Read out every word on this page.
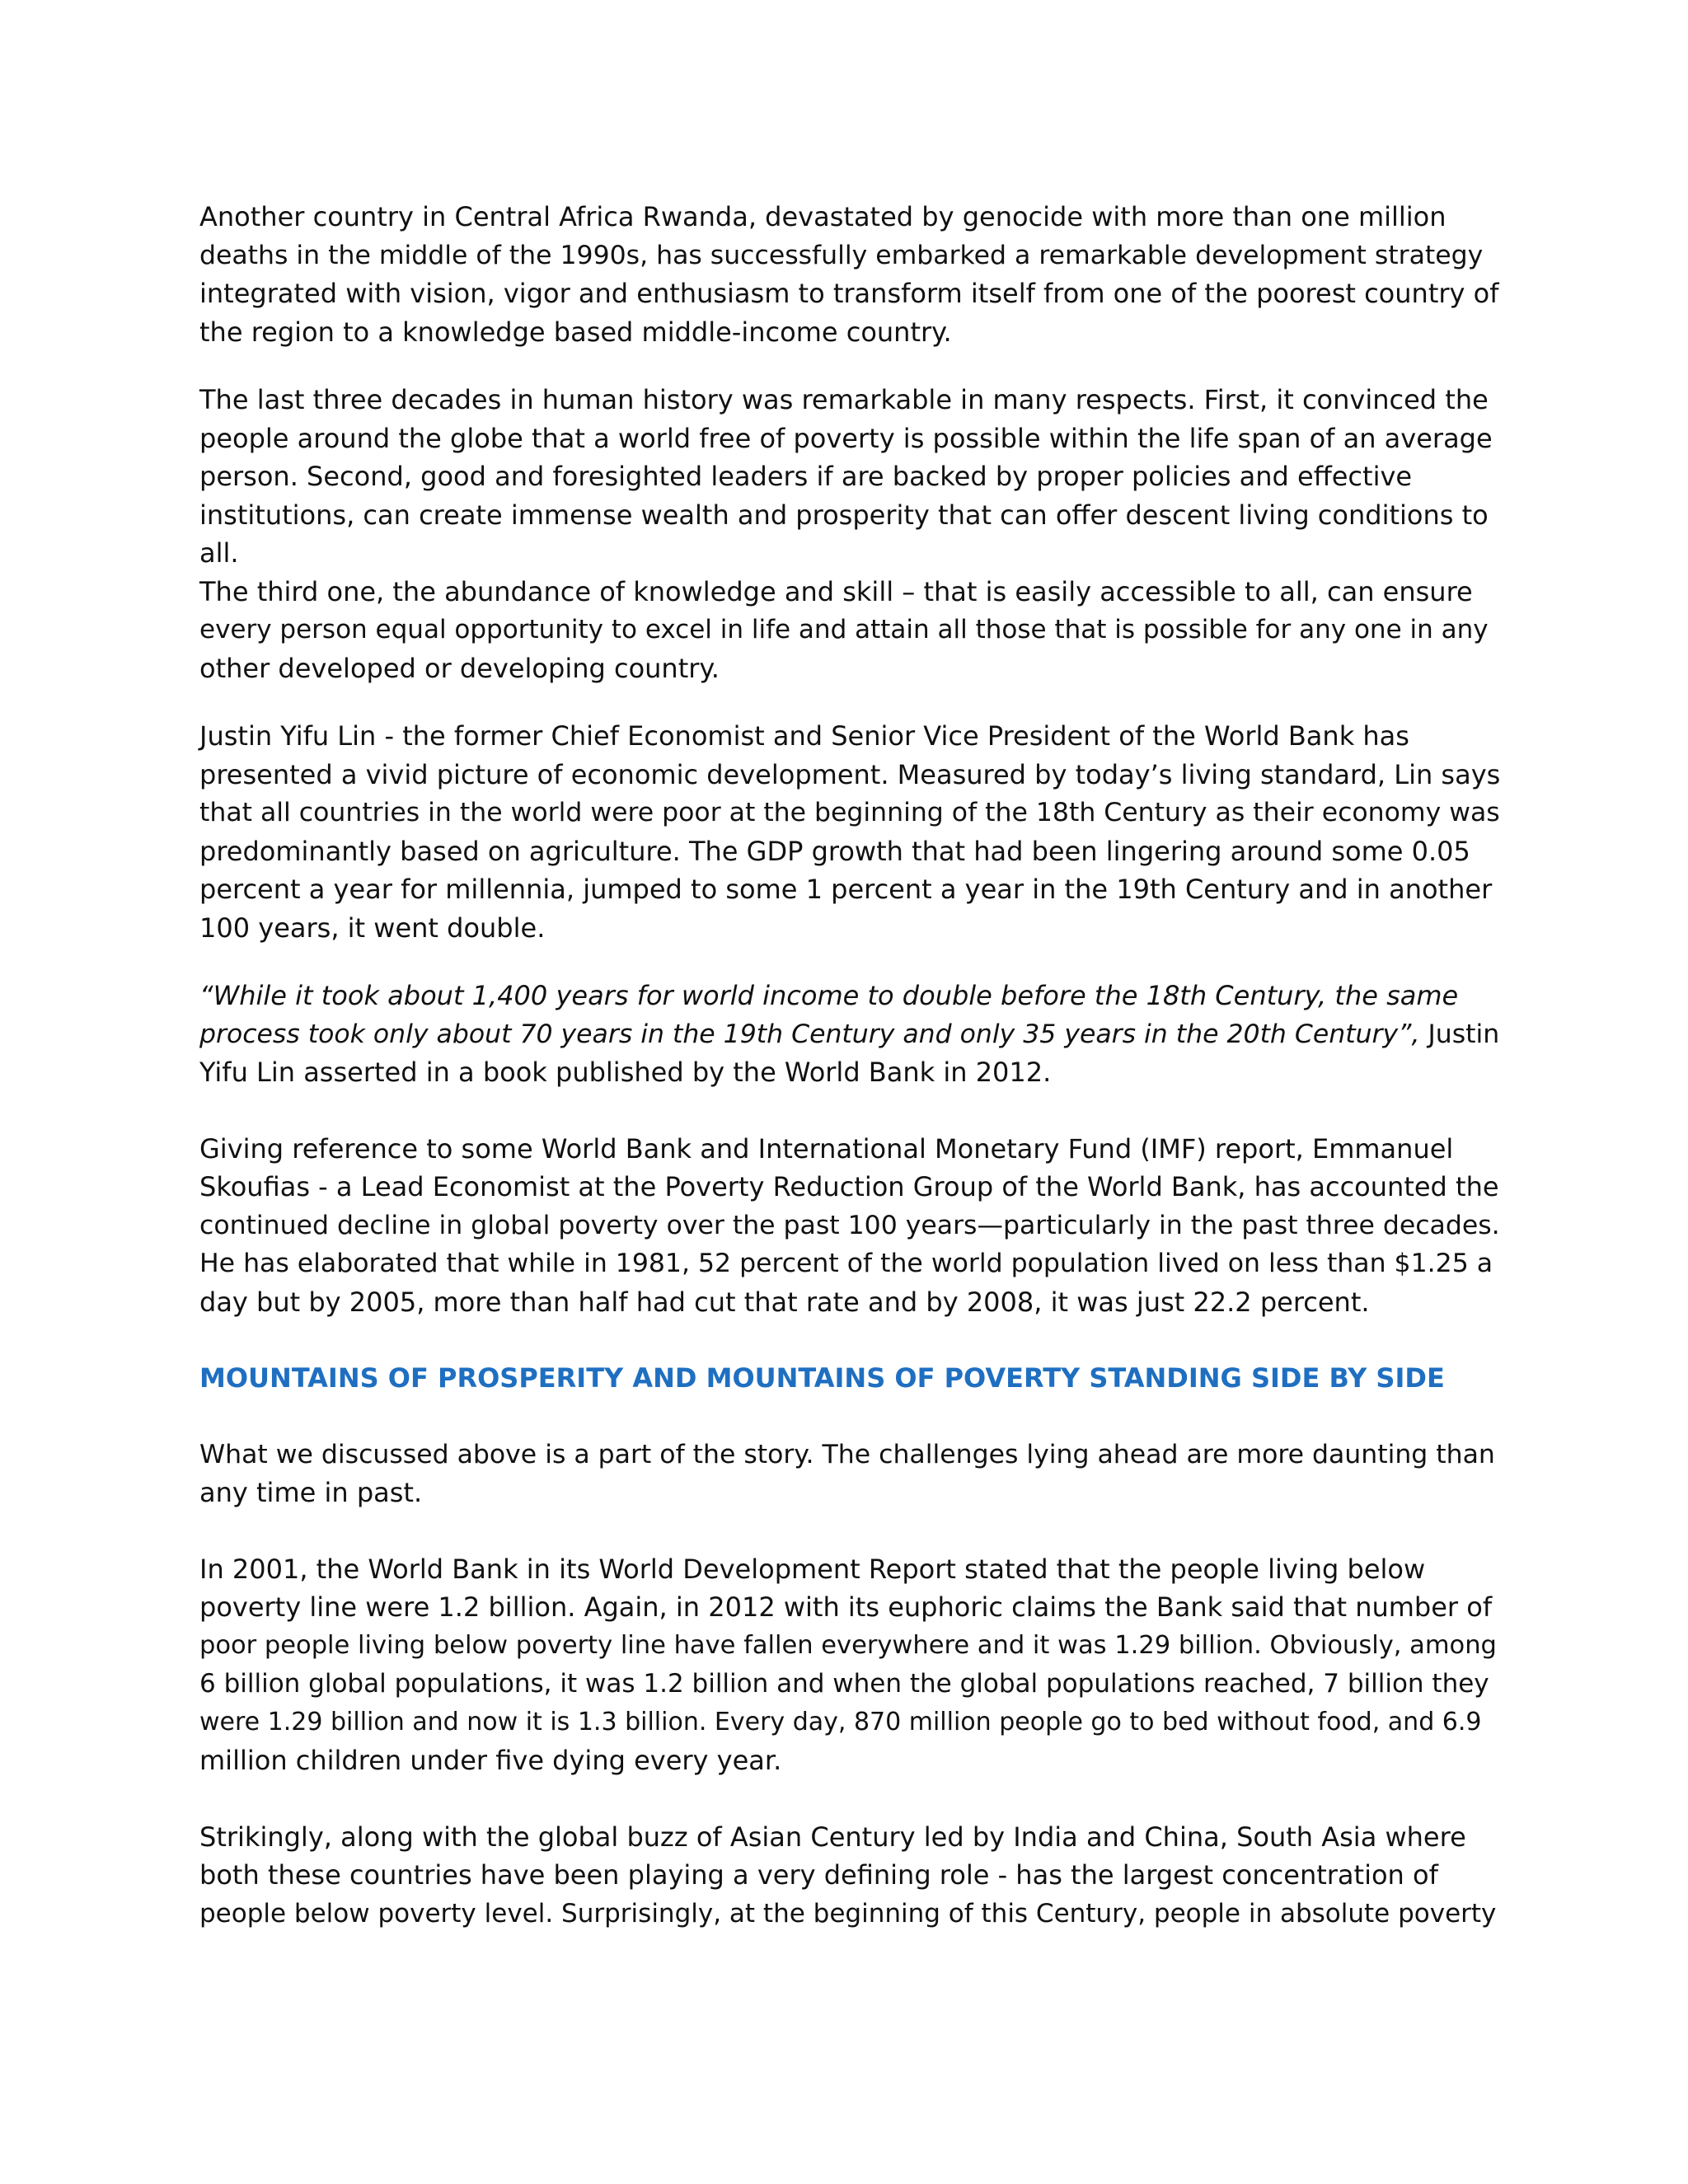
Another country in Central Africa Rwanda, devastated by genocide with more than one million
deaths in the middle of the 1990s, has successfully embarked a remarkable development strategy
integrated with vision, vigor and enthusiasm to transform itself from one of the poorest country of
the region to a knowledge based middle-income country.

The last three decades in human history was remarkable in many respects. First, it convinced the
people around the globe that a world free of poverty is possible within the life span of an average
person. Second, good and foresighted leaders if are backed by proper policies and effective
institutions, can create immense wealth and prosperity that can offer descent living conditions to
all.

The third one, the abundance of knowledge and skill – that is easily accessible to all, can ensure
every person equal opportunity to excel in life and attain all those that is possible for any one in any
other developed or developing country.

Justin Yifu Lin - the former Chief Economist and Senior Vice President of the World Bank has
presented a vivid picture of economic development. Measured by today’s living standard, Lin says
that all countries in the world were poor at the beginning of the 18th Century as their economy was
predominantly based on agriculture. The GDP growth that had been lingering around some 0.05
percent a year for millennia, jumped to some 1 percent a year in the 19th Century and in another
100 years, it went double.

“While it took about 1,400 years for world income to double before the 18th Century, the same
process took only about 70 years in the 19th Century and only 35 years in the 20th Century”, Justin
Yifu Lin asserted in a book published by the World Bank in 2012.

Giving reference to some World Bank and International Monetary Fund (IMF) report, Emmanuel
Skoufias - a Lead Economist at the Poverty Reduction Group of the World Bank, has accounted the
continued decline in global poverty over the past 100 years—particularly in the past three decades.
He has elaborated that while in 1981, 52 percent of the world population lived on less than $1.25 a
day but by 2005, more than half had cut that rate and by 2008, it was just 22.2 percent.

MOUNTAINS OF PROSPERITY AND MOUNTAINS OF POVERTY STANDING SIDE BY SIDE

What we discussed above is a part of the story. The challenges lying ahead are more daunting than
any time in past.

In 2001, the World Bank in its World Development Report stated that the people living below
poverty line were 1.2 billion. Again, in 2012 with its euphoric claims the Bank said that number of
poor people living below poverty line have fallen everywhere and it was 1.29 billion. Obviously, among
6 billion global populations, it was 1.2 billion and when the global populations reached, 7 billion they
were 1.29 billion and now it is 1.3 billion. Every day, 870 million people go to bed without food, and 6.9
million children under five dying every year.

Strikingly, along with the global buzz of Asian Century led by India and China, South Asia where
both these countries have been playing a very defining role - has the largest concentration of
people below poverty level. Surprisingly, at the beginning of this Century, people in absolute poverty
